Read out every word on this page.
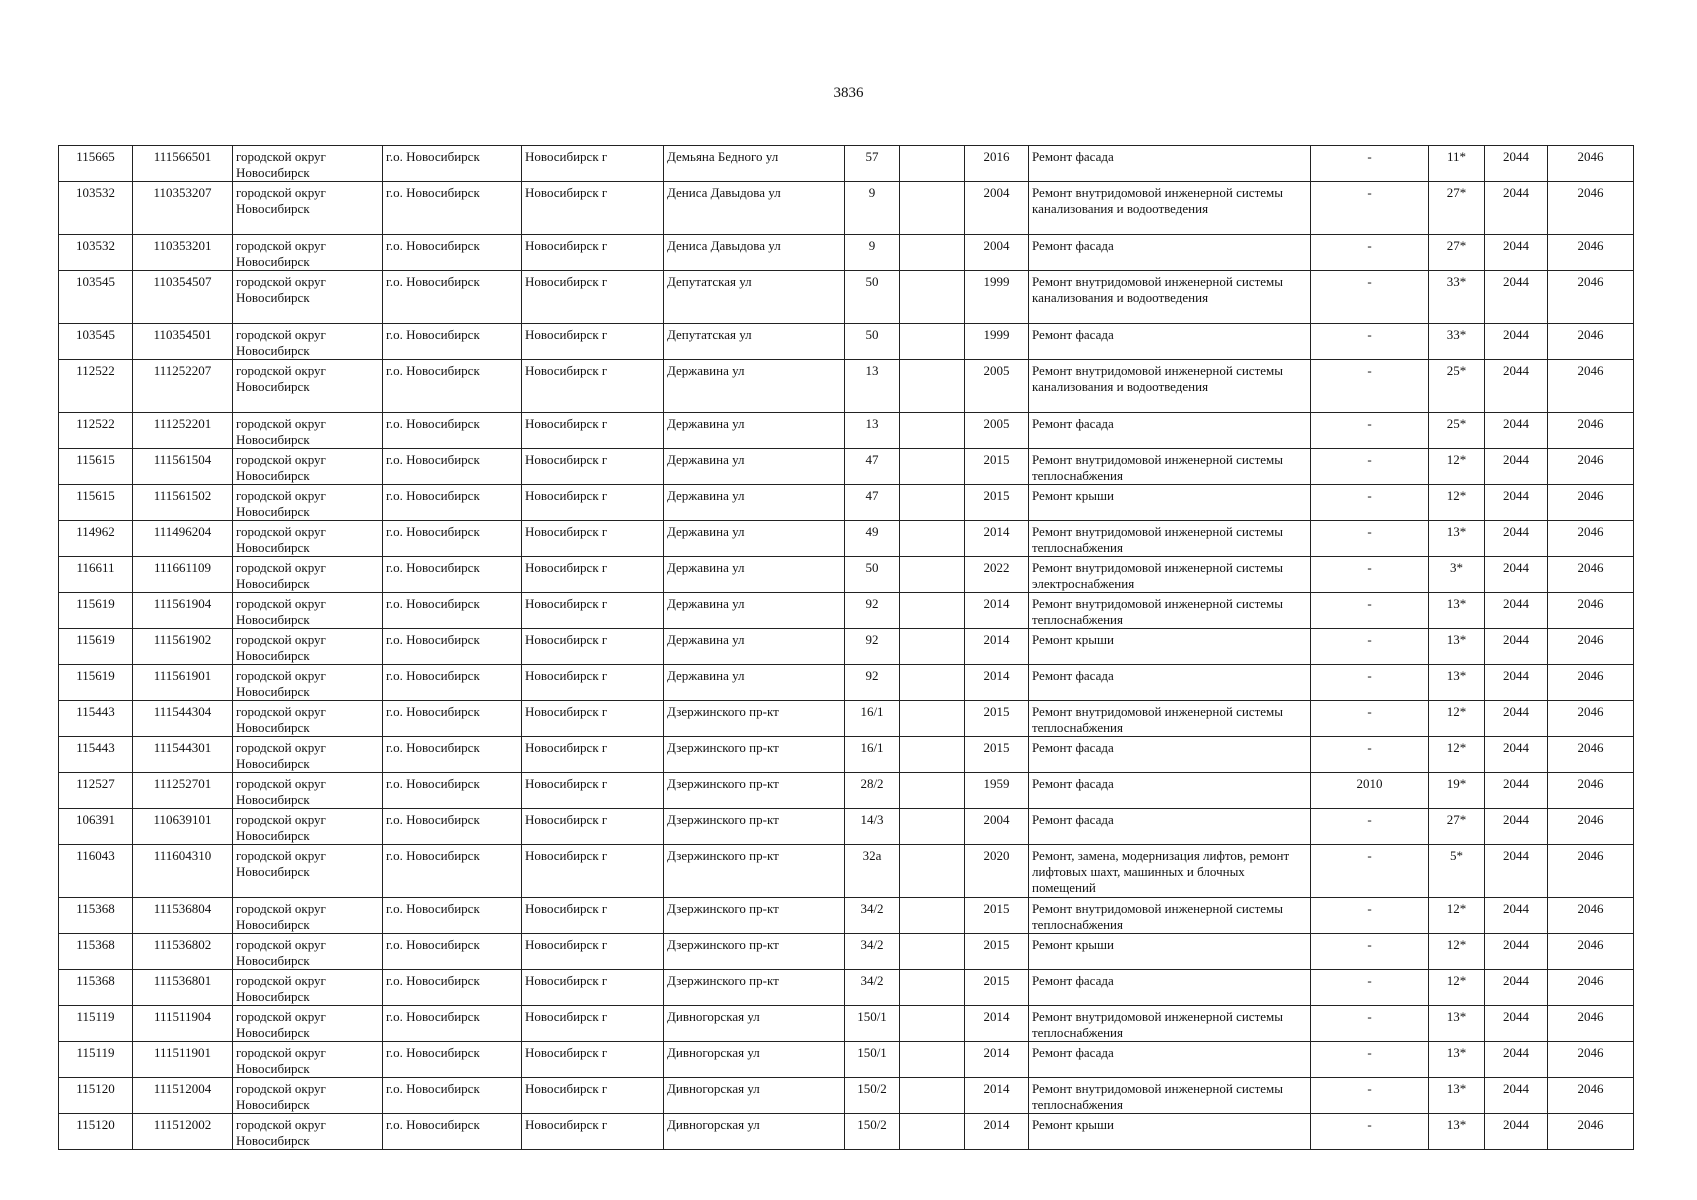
3836
115665	111566501	городской округ Новосибирск	г.о. Новосибирск	Новосибирск г	Демьяна Бедного ул	57		2016	Ремонт фасада	-	11*	2044	2046
103532	110353207	городской округ Новосибирск	г.о. Новосибирск	Новосибирск г	Дениса Давыдова ул	9		2004	Ремонт внутридомовой инженерной системы канализования и водоотведения	-	27*	2044	2046
103532	110353201	городской округ Новосибирск	г.о. Новосибирск	Новосибирск г	Дениса Давыдова ул	9		2004	Ремонт фасада	-	27*	2044	2046
103545	110354507	городской округ Новосибирск	г.о. Новосибирск	Новосибирск г	Депутатская ул	50		1999	Ремонт внутридомовой инженерной системы канализования и водоотведения	-	33*	2044	2046
103545	110354501	городской округ Новосибирск	г.о. Новосибирск	Новосибирск г	Депутатская ул	50		1999	Ремонт фасада	-	33*	2044	2046
112522	111252207	городской округ Новосибирск	г.о. Новосибирск	Новосибирск г	Державина ул	13		2005	Ремонт внутридомовой инженерной системы канализования и водоотведения	-	25*	2044	2046
112522	111252201	городской округ Новосибирск	г.о. Новосибирск	Новосибирск г	Державина ул	13		2005	Ремонт фасада	-	25*	2044	2046
115615	111561504	городской округ Новосибирск	г.о. Новосибирск	Новосибирск г	Державина ул	47		2015	Ремонт внутридомовой инженерной системы теплоснабжения	-	12*	2044	2046
115615	111561502	городской округ Новосибирск	г.о. Новосибирск	Новосибирск г	Державина ул	47		2015	Ремонт крыши	-	12*	2044	2046
114962	111496204	городской округ Новосибирск	г.о. Новосибирск	Новосибирск г	Державина ул	49		2014	Ремонт внутридомовой инженерной системы теплоснабжения	-	13*	2044	2046
116611	111661109	городской округ Новосибирск	г.о. Новосибирск	Новосибирск г	Державина ул	50		2022	Ремонт внутридомовой инженерной системы электроснабжения	-	3*	2044	2046
115619	111561904	городской округ Новосибирск	г.о. Новосибирск	Новосибирск г	Державина ул	92		2014	Ремонт внутридомовой инженерной системы теплоснабжения	-	13*	2044	2046
115619	111561902	городской округ Новосибирск	г.о. Новосибирск	Новосибирск г	Державина ул	92		2014	Ремонт крыши	-	13*	2044	2046
115619	111561901	городской округ Новосибирск	г.о. Новосибирск	Новосибирск г	Державина ул	92		2014	Ремонт фасада	-	13*	2044	2046
115443	111544304	городской округ Новосибирск	г.о. Новосибирск	Новосибирск г	Дзержинского пр-кт	16/1		2015	Ремонт внутридомовой инженерной системы теплоснабжения	-	12*	2044	2046
115443	111544301	городской округ Новосибирск	г.о. Новосибирск	Новосибирск г	Дзержинского пр-кт	16/1		2015	Ремонт фасада	-	12*	2044	2046
112527	111252701	городской округ Новосибирск	г.о. Новосибирск	Новосибирск г	Дзержинского пр-кт	28/2		1959	Ремонт фасада	2010	19*	2044	2046
106391	110639101	городской округ Новосибирск	г.о. Новосибирск	Новосибирск г	Дзержинского пр-кт	14/3		2004	Ремонт фасада	-	27*	2044	2046
116043	111604310	городской округ Новосибирск	г.о. Новосибирск	Новосибирск г	Дзержинского пр-кт	32а		2020	Ремонт, замена, модернизация лифтов, ремонт лифтовых шахт, машинных и блочных помещений	-	5*	2044	2046
115368	111536804	городской округ Новосибирск	г.о. Новосибирск	Новосибирск г	Дзержинского пр-кт	34/2		2015	Ремонт внутридомовой инженерной системы теплоснабжения	-	12*	2044	2046
115368	111536802	городской округ Новосибирск	г.о. Новосибирск	Новосибирск г	Дзержинского пр-кт	34/2		2015	Ремонт крыши	-	12*	2044	2046
115368	111536801	городской округ Новосибирск	г.о. Новосибирск	Новосибирск г	Дзержинского пр-кт	34/2		2015	Ремонт фасада	-	12*	2044	2046
115119	111511904	городской округ Новосибирск	г.о. Новосибирск	Новосибирск г	Дивногорская ул	150/1		2014	Ремонт внутридомовой инженерной системы теплоснабжения	-	13*	2044	2046
115119	111511901	городской округ Новосибирск	г.о. Новосибирск	Новосибирск г	Дивногорская ул	150/1		2014	Ремонт фасада	-	13*	2044	2046
115120	111512004	городской округ Новосибирск	г.о. Новосибирск	Новосибирск г	Дивногорская ул	150/2		2014	Ремонт внутридомовой инженерной системы теплоснабжения	-	13*	2044	2046
115120	111512002	городской округ Новосибирск	г.о. Новосибирск	Новосибирск г	Дивногорская ул	150/2		2014	Ремонт крыши	-	13*	2044	2046
